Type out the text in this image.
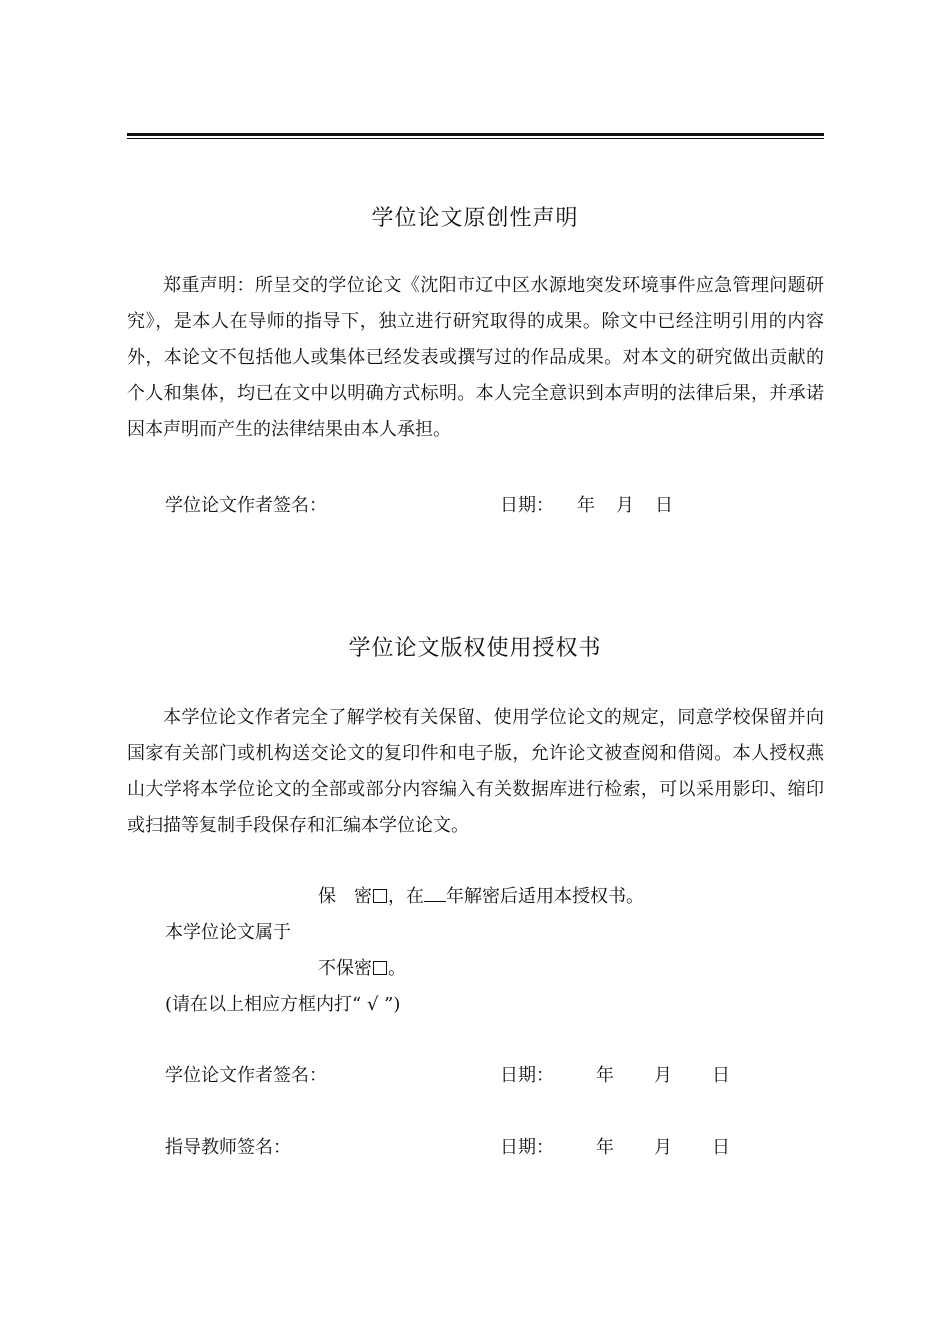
学位论文原创性声明

郑重声明：所呈交的学位论文《沈阳市辽中区水源地突发环境事件应急管理问题研究》，是本人在导师的指导下，独立进行研究取得的成果。除文中已经注明引用的内容外，本论文不包括他人或集体已经发表或撰写过的作品成果。对本文的研究做出贡献的个人和集体，均已在文中以明确方式标明。本人完全意识到本声明的法律后果，并承诺因本声明而产生的法律结果由本人承担。

学位论文作者签名：	日期： 年 月 日
学位论文版权使用授权书

本学位论文作者完全了解学校有关保留、使用学位论文的规定，同意学校保留并向国家有关部门或机构送交论文的复印件和电子版，允许论文被查阅和借阅。本人授权燕山大学将本学位论文的全部或部分内容编入有关数据库进行检索，可以采用影印、缩印或扫描等复制手段保存和汇编本学位论文。

保　密 ，在 年解密后适用本授权书。
本学位论文属于
不保密 。
(请在以上相应方框内打“ √ ”)
学位论文作者签名：	日期： 年 月 日
指导教师签名：	日期： 年 月 日
